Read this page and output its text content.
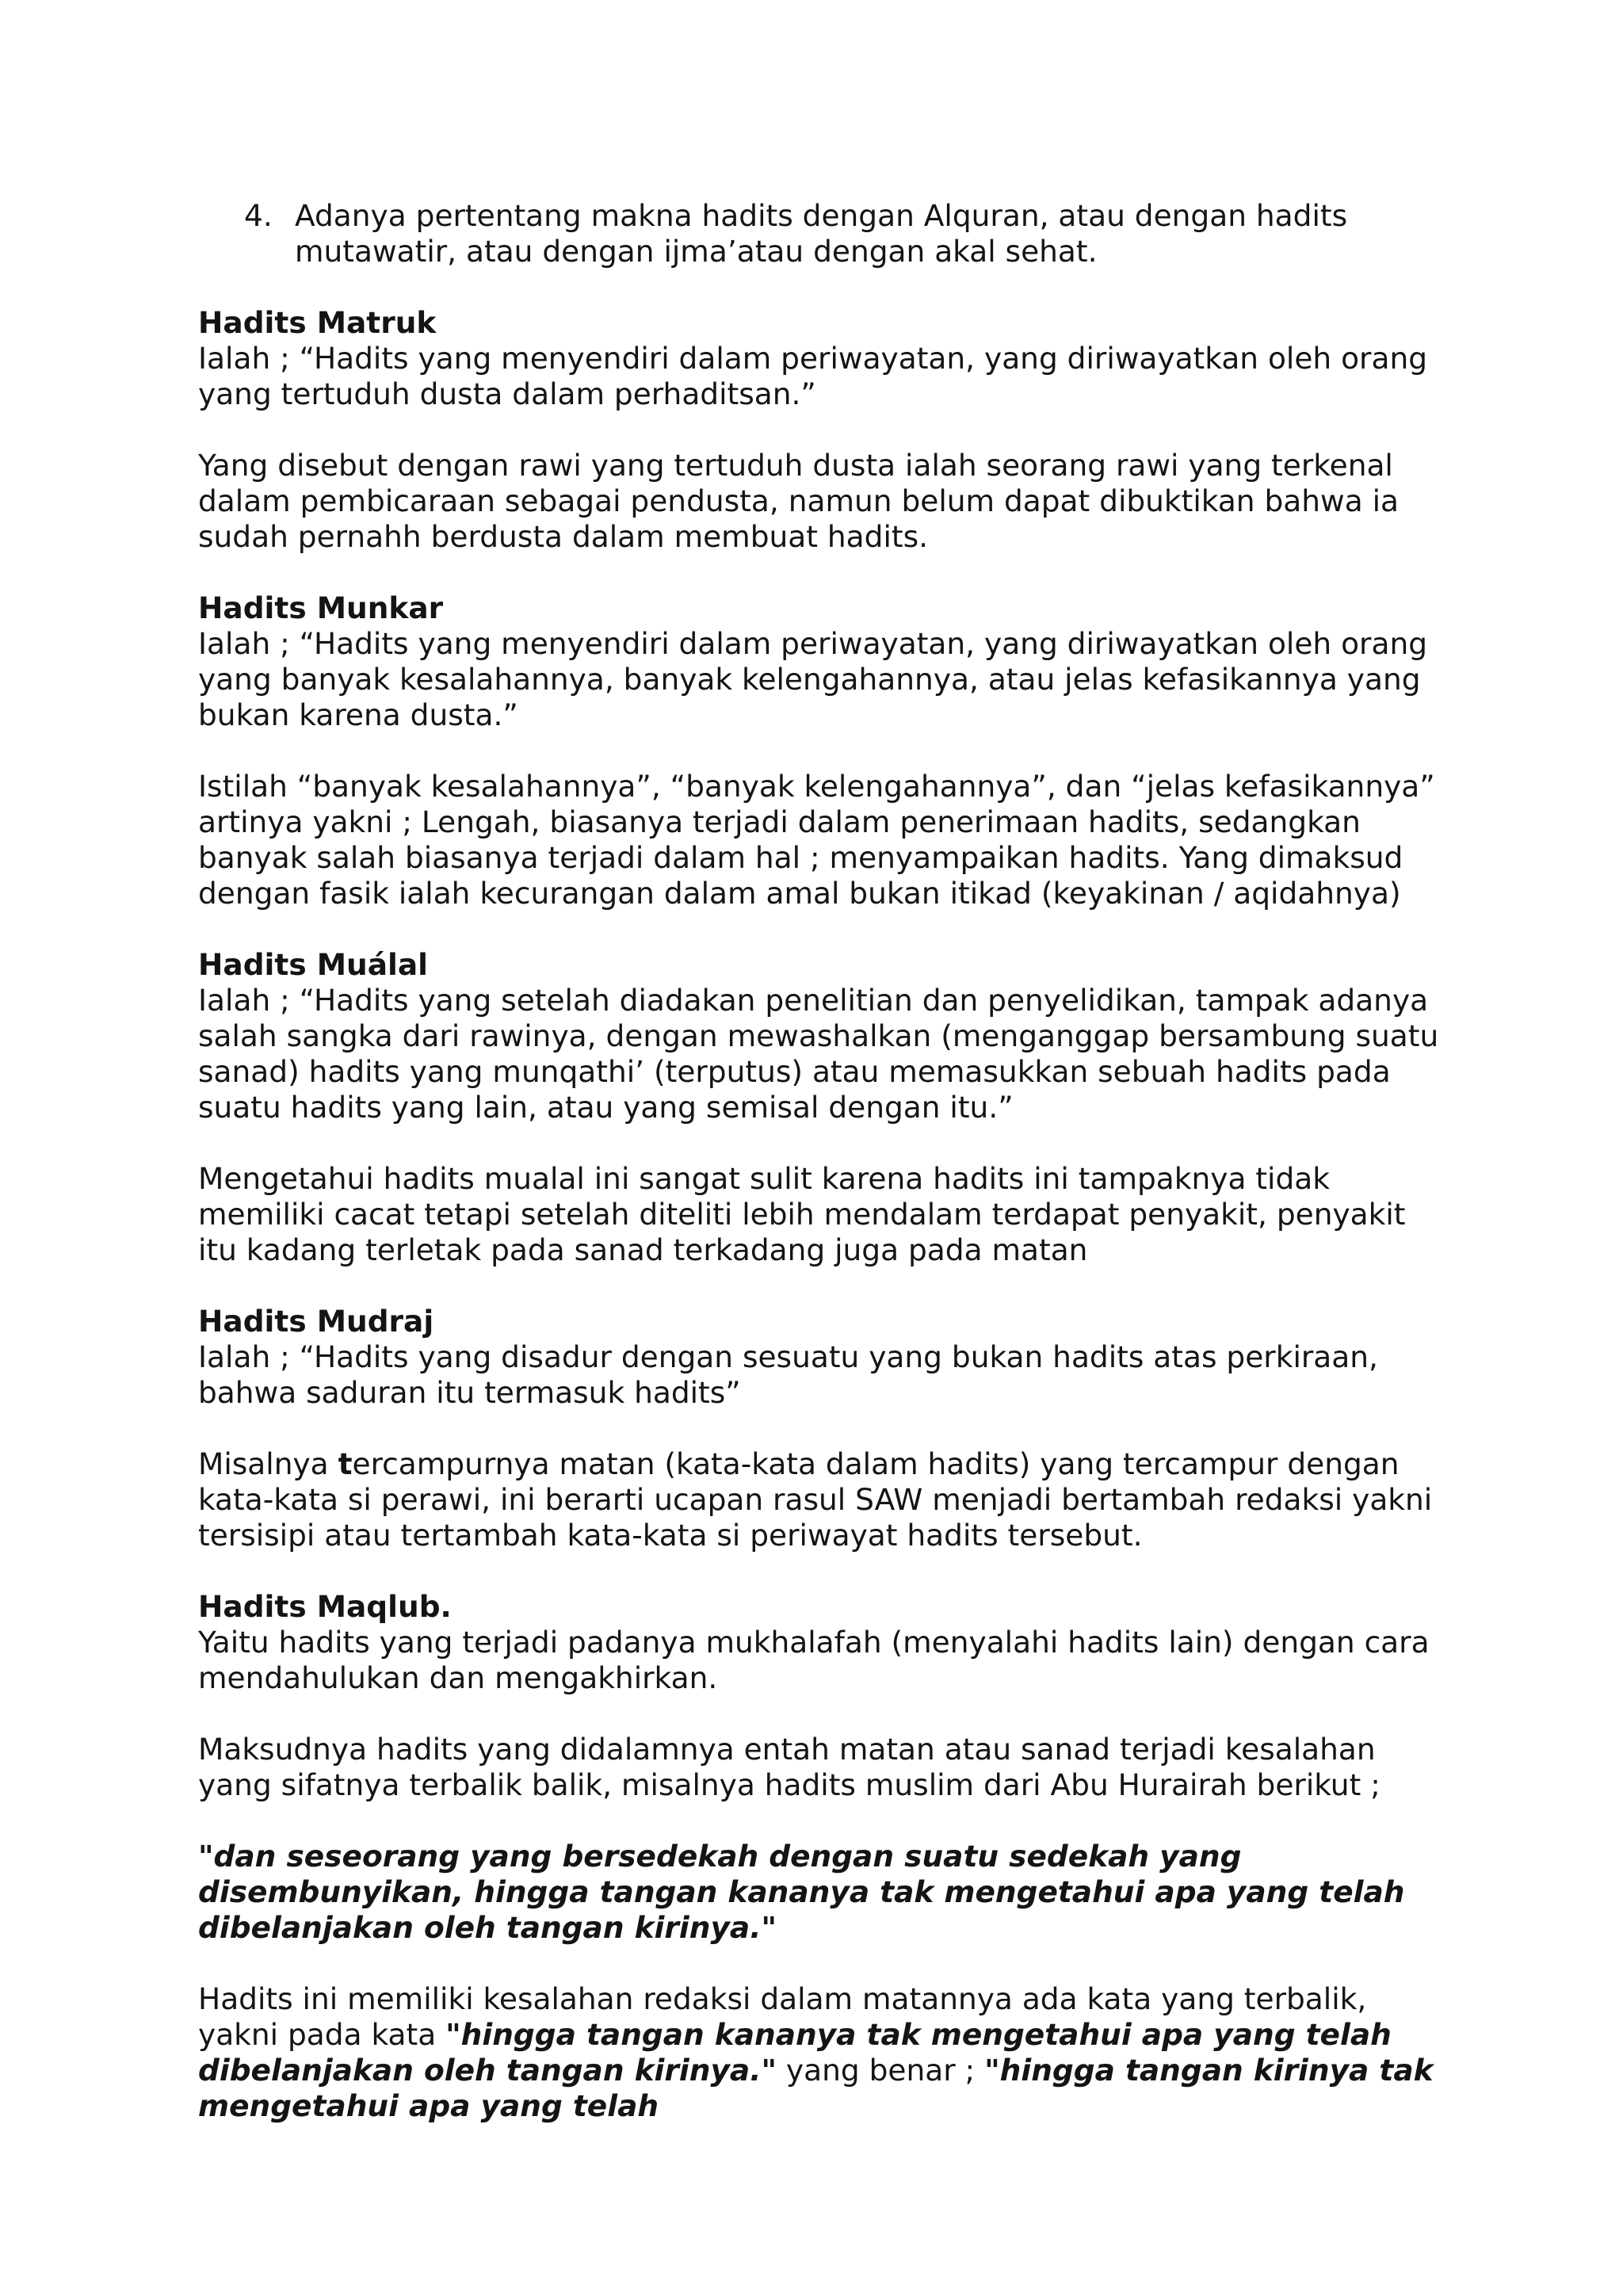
4. Adanya pertentang makna hadits dengan Alquran, atau dengan hadits mutawatir, atau dengan ijma’atau dengan akal sehat.

Hadits Matruk

Ialah ; “Hadits yang menyendiri dalam periwayatan, yang diriwayatkan oleh orang yang tertuduh dusta dalam perhaditsan.”

Yang disebut dengan rawi yang tertuduh dusta ialah seorang rawi yang terkenal dalam pembicaraan sebagai pendusta, namun belum dapat dibuktikan bahwa ia sudah pernahh berdusta dalam membuat hadits.

Hadits Munkar

Ialah ; “Hadits yang menyendiri dalam periwayatan, yang diriwayatkan oleh orang yang banyak kesalahannya, banyak kelengahannya, atau jelas kefasikannya yang bukan karena dusta.”

Istilah “banyak kesalahannya”, “banyak kelengahannya”, dan “jelas kefasikannya” artinya yakni ; Lengah, biasanya terjadi dalam penerimaan hadits, sedangkan banyak salah biasanya terjadi dalam hal ; menyampaikan hadits. Yang dimaksud dengan fasik ialah kecurangan dalam amal bukan itikad (keyakinan / aqidahnya)

Hadits Muálal

Ialah ; “Hadits yang setelah diadakan penelitian dan penyelidikan, tampak adanya salah sangka dari rawinya, dengan mewashalkan (menganggap bersambung suatu sanad) hadits yang munqathi’ (terputus) atau memasukkan sebuah hadits pada suatu hadits yang lain, atau yang semisal dengan itu.”

Mengetahui hadits mualal ini sangat sulit karena hadits ini tampaknya tidak memiliki cacat tetapi setelah diteliti lebih mendalam terdapat penyakit, penyakit itu kadang terletak pada sanad terkadang juga pada matan

Hadits Mudraj

Ialah ; “Hadits yang disadur dengan sesuatu yang bukan hadits atas perkiraan, bahwa saduran itu termasuk hadits”

Misalnya tercampurnya matan (kata-kata dalam hadits) yang tercampur dengan kata-kata si perawi, ini berarti ucapan rasul SAW menjadi bertambah redaksi yakni tersisipi atau tertambah kata-kata si periwayat hadits tersebut.

Hadits Maqlub.

Yaitu hadits yang terjadi padanya mukhalafah (menyalahi hadits lain) dengan cara mendahulukan dan mengakhirkan.

Maksudnya hadits yang didalamnya entah matan atau sanad terjadi kesalahan yang sifatnya terbalik balik, misalnya hadits muslim dari Abu Hurairah berikut ;

"dan seseorang yang bersedekah dengan suatu sedekah yang disembunyikan, hingga tangan kananya tak mengetahui apa yang telah dibelanjakan oleh tangan kirinya."

Hadits ini memiliki kesalahan redaksi dalam matannya ada kata yang terbalik, yakni pada kata "hingga tangan kananya tak mengetahui apa yang telah dibelanjakan oleh tangan kirinya." yang benar ; "hingga tangan kirinya tak mengetahui apa yang telah
